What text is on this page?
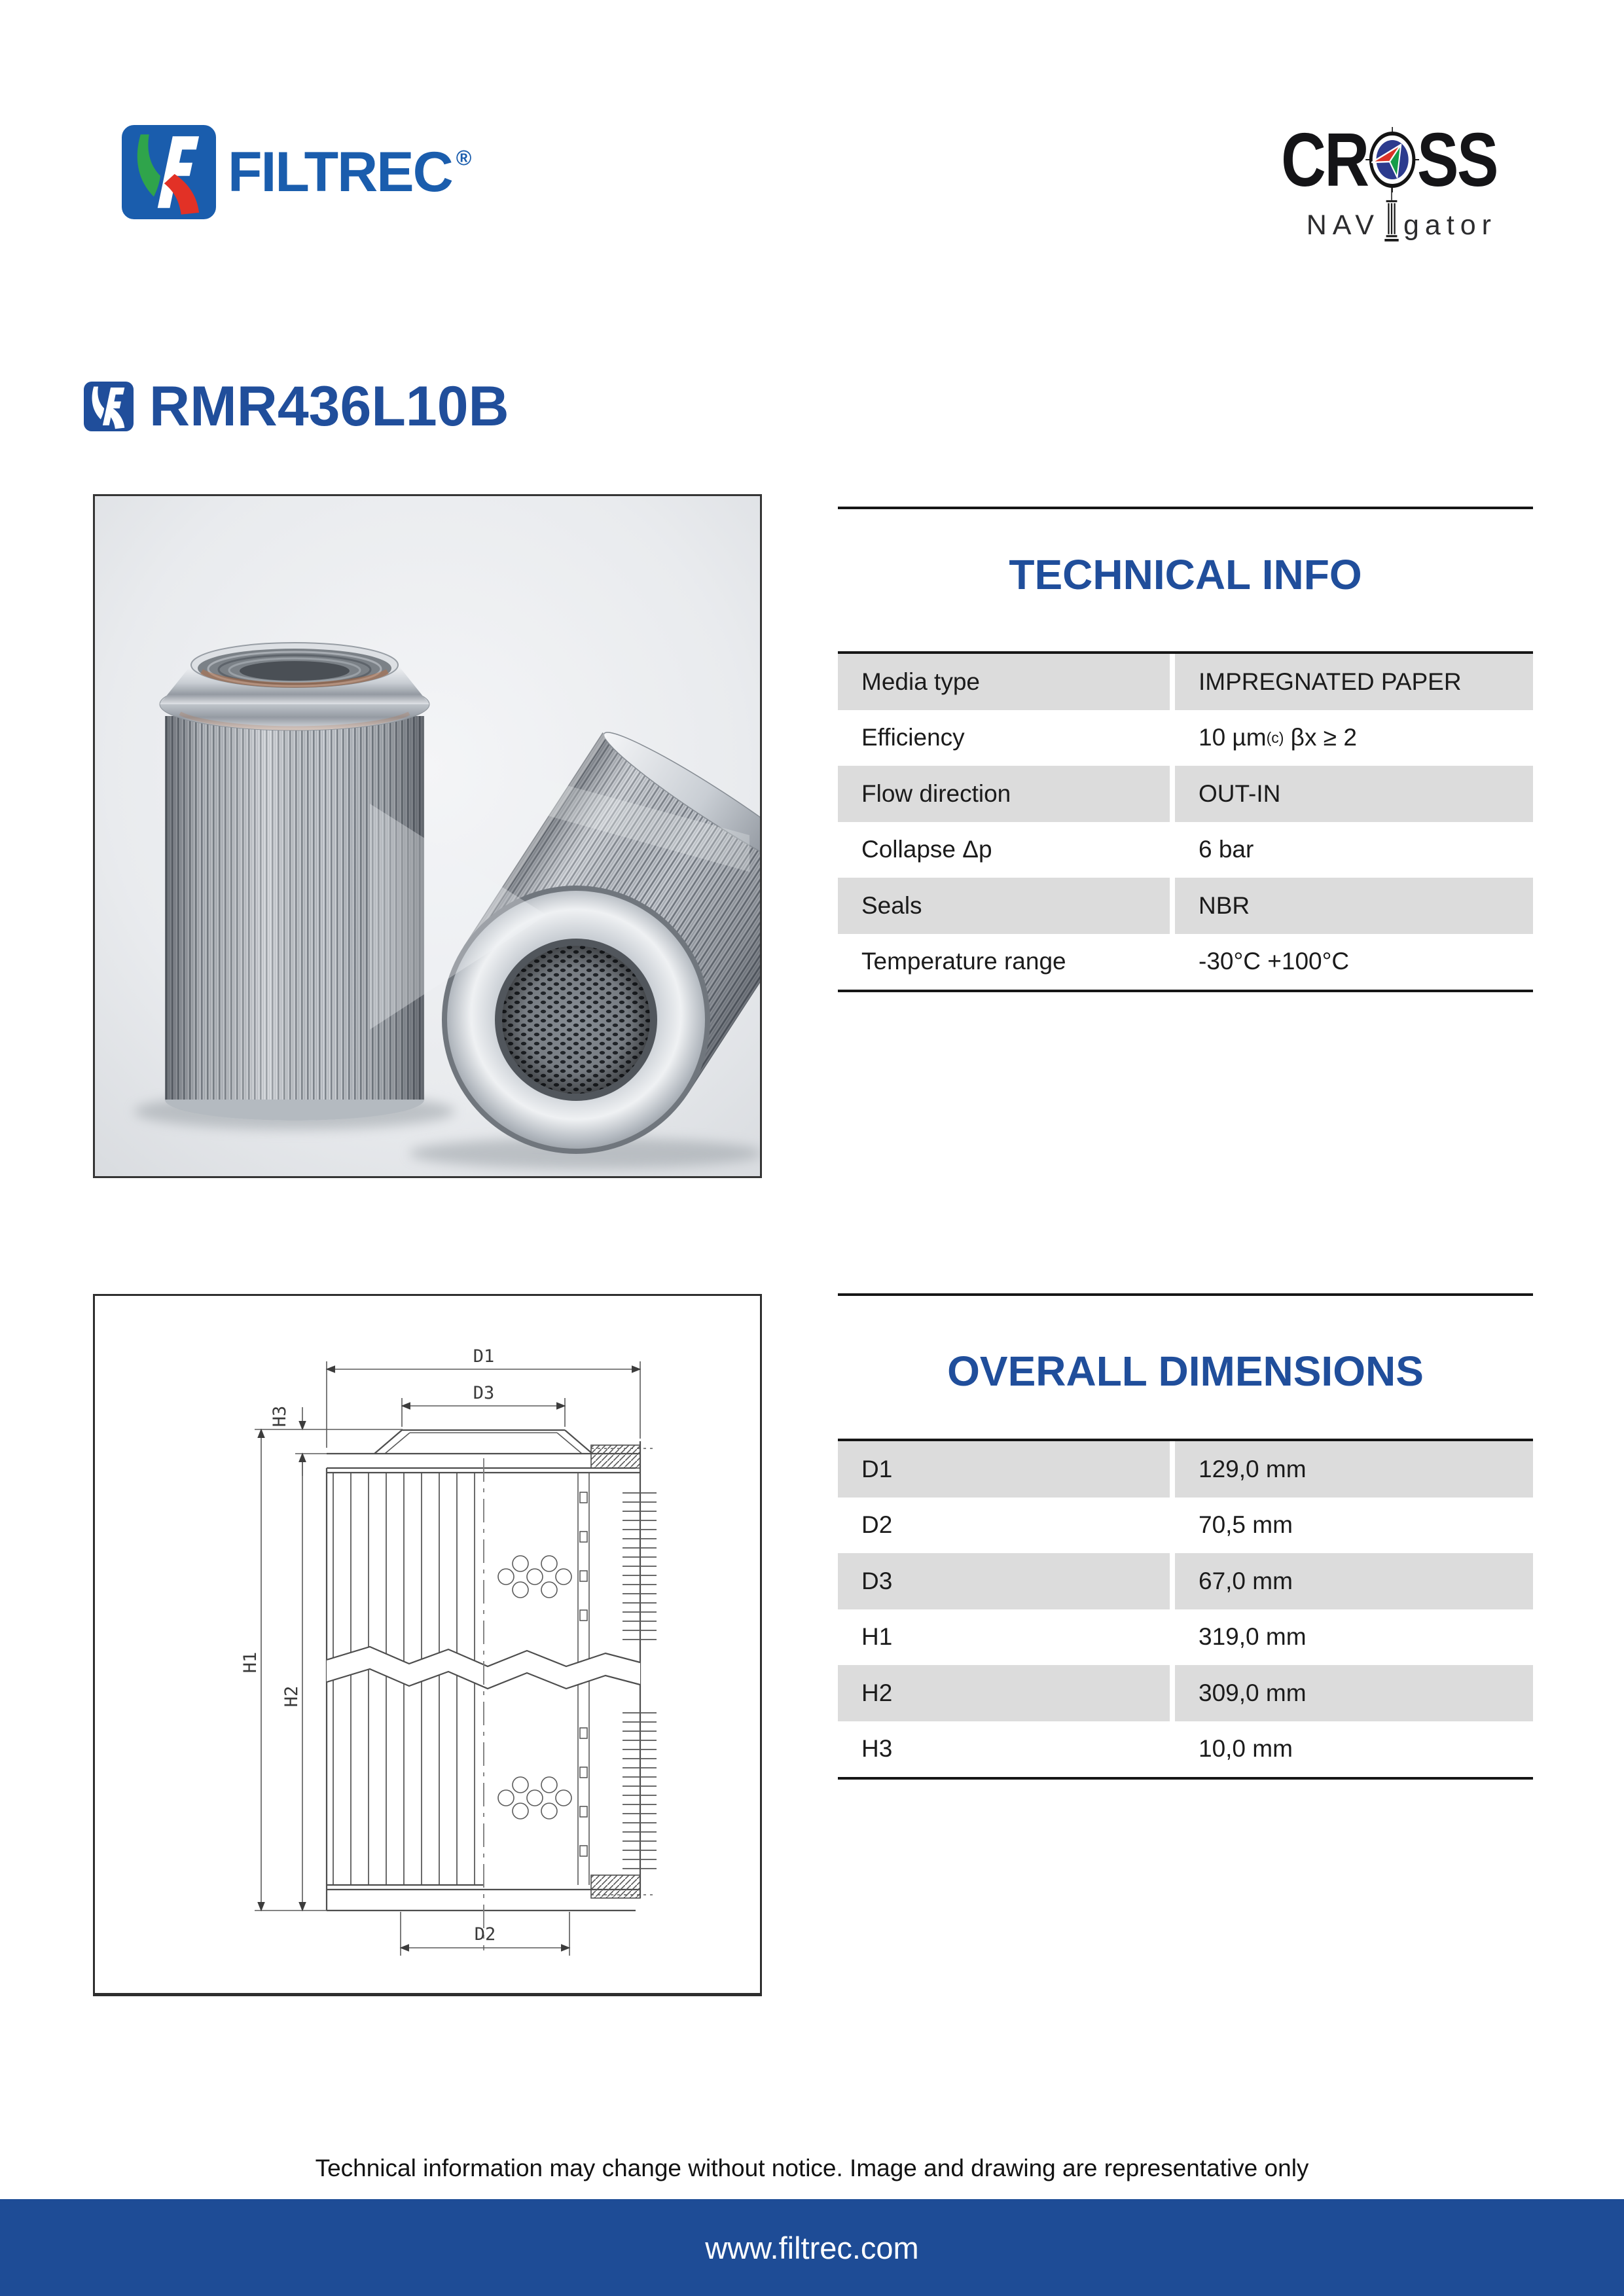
FILTREC ®	CR SS
NAV gator
RMR436L10B
TECHNICAL INFO
Media type	IMPREGNATED PAPER
Efficiency	10 µm (c) βx ≥ 2
Flow direction	OUT-IN
Collapse Δp	6 bar
Seals	NBR
Temperature range	-30°C +100°C
D1
D3
H3
H1
H2
D2
OVERALL DIMENSIONS
D1	129,0 mm
D2	70,5 mm
D3	67,0 mm
H1	319,0 mm
H2	309,0 mm
H3	10,0 mm
Technical information may change without notice. Image and drawing are representative only
www.filtrec.com
